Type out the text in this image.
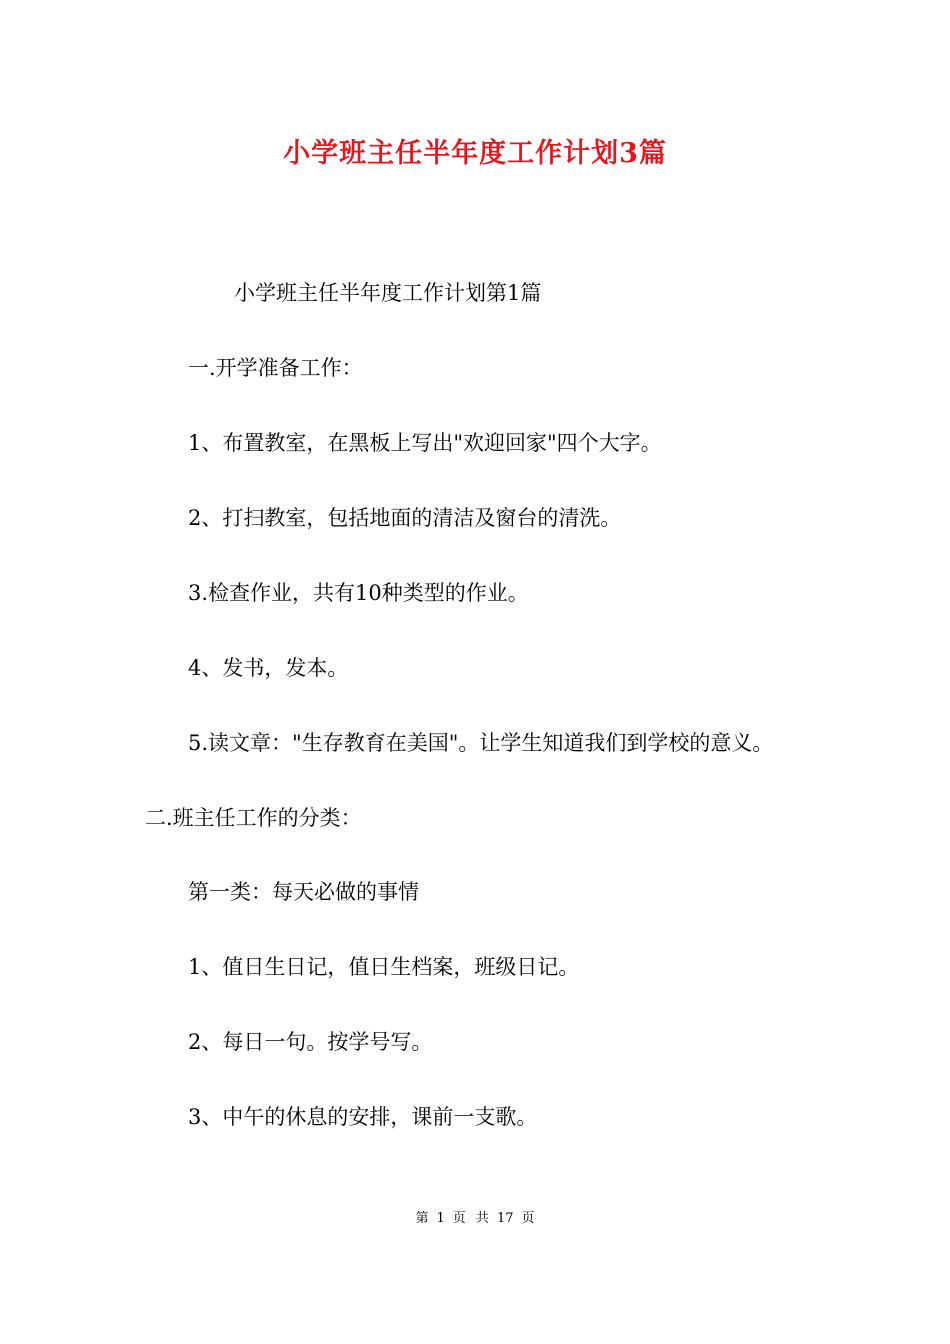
小学班主任半年度工作计划3篇

小学班主任半年度工作计划第1篇

一.开学准备工作：

1、布置教室，在黑板上写出"欢迎回家"四个大字。

2、打扫教室，包括地面的清洁及窗台的清洗。

3.检查作业，共有10种类型的作业。

4、发书，发本。

5.读文章："生存教育在美国"。让学生知道我们到学校的意义。

二.班主任工作的分类：

第一类：每天必做的事情

1、值日生日记，值日生档案，班级日记。

2、每日一句。按学号写。

3、中午的休息的安排，课前一支歌。

第 1 页 共 17 页
